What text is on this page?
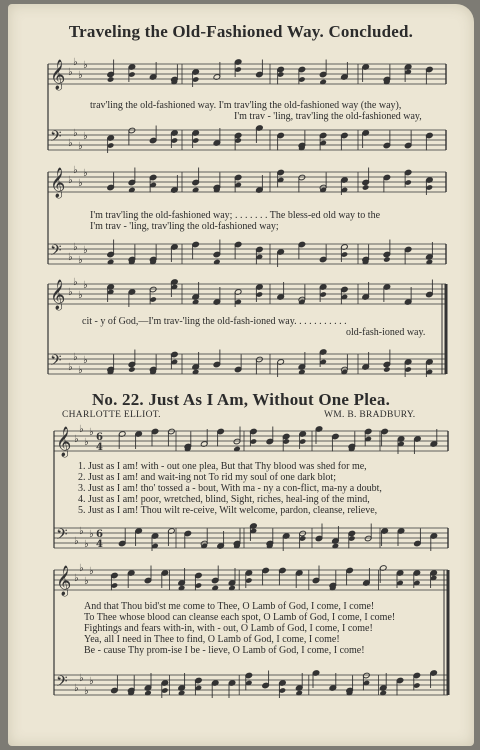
𝄞 ♭
♭
♭
♭
𝄢 ♭
♭
♭
♭
𝄞 ♭
♭
♭
♭
𝄢 ♭
♭
♭
♭
𝄞 ♭
♭
♭
♭
𝄢 ♭
♭
♭
♭
𝄞 ♭
♭
♭
♭ 6
4
𝄢 ♭
♭
♭
♭ 6
4
𝄞 ♭
♭
♭
♭
𝄢 ♭
♭
♭
♭
Traveling the Old-Fashioned Way. Concluded.
trav'ling the old-fashioned way. I'm trav'ling the old-fashioned way (the way),
I'm trav - 'ling, trav'ling the old-fashioned way,
I'm trav'ling the old-fashioned way; . . . . . . . The bless-ed old way to the
I'm trav - 'ling, trav'ling the old-fashioned way;
cit - y of God,—I'm trav-'ling the old-fash-ioned way. . . . . . . . . . .
old-fash-ioned way.
No. 22. Just As I Am, Without One Plea.
CHARLOTTE ELLIOT.	WM. B. BRADBURY.
1. Just as I am! with - out one plea, But that Thy blood was shed for me,
2. Just as I am! and wait-ing not To rid my soul of one dark blot;
3. Just as I am! tho' tossed a - bout, With ma - ny a con-flict, ma-ny a doubt,
4. Just as I am! poor, wretched, blind, Sight, riches, heal-ing of the mind,
5. Just as I am! Thou wilt re-ceive, Wilt welcome, pardon, cleanse, relieve,
And that Thou bid'st me come to Thee, O Lamb of God, I come, I come!
To Thee whose blood can cleanse each spot, O Lamb of God, I come, I come!
Fightings and fears with-in, with - out, O Lamb of God, I come, I come!
Yea, all I need in Thee to find, O Lamb of God, I come, I come!
Be - cause Thy prom-ise I be - lieve, O Lamb of God, I come, I come!
